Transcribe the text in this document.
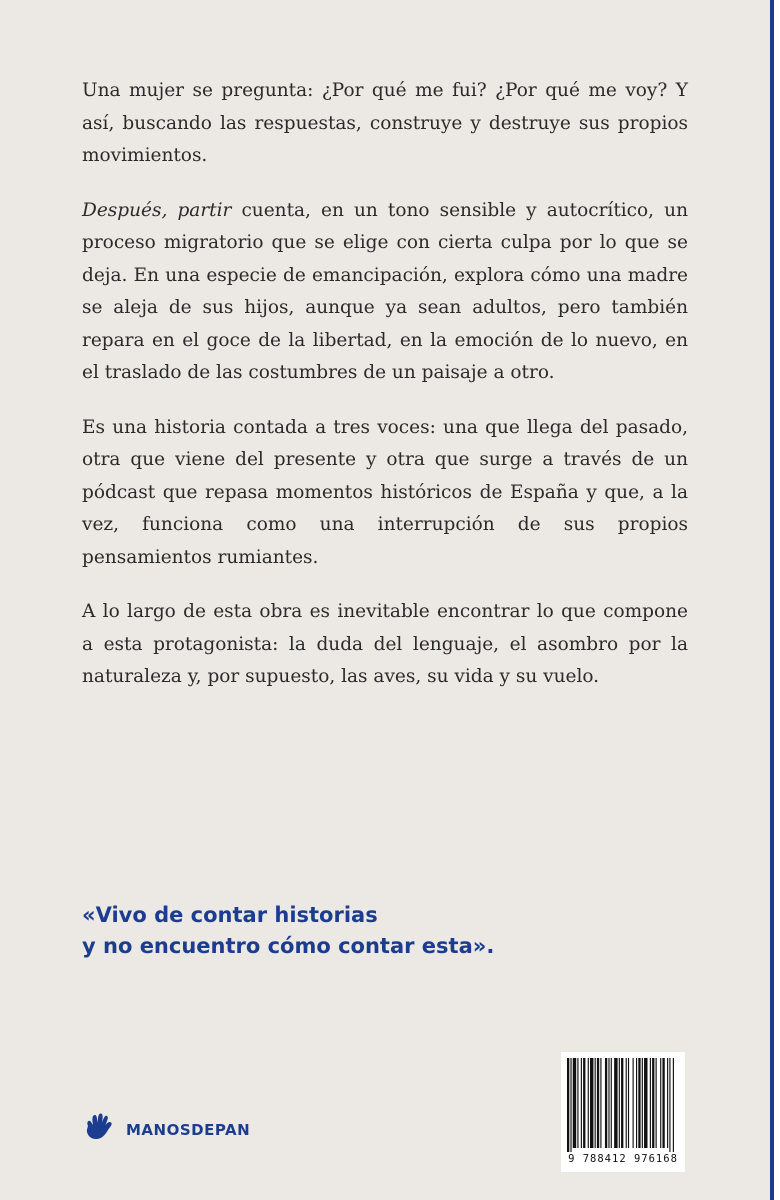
Una mujer se pregunta: ¿Por qué me fui? ¿Por qué me voy? Y así, buscando las respuestas, construye y destruye sus propios movimientos.

Después, partir cuenta, en un tono sensible y autocrítico, un proceso migratorio que se elige con cierta culpa por lo que se deja. En una especie de emancipación, explora cómo una madre se aleja de sus hijos, aunque ya sean adultos, pero también repara en el goce de la libertad, en la emoción de lo nuevo, en el traslado de las costumbres de un paisaje a otro.

Es una historia contada a tres voces: una que llega del pasado, otra que viene del presente y otra que surge a través de un pódcast que repasa momentos históricos de España y que, a la vez, funciona como una interrupción de sus propios pensamientos rumiantes.

A lo largo de esta obra es inevitable encontrar lo que compone a esta protagonista: la duda del lenguaje, el asombro por la naturaleza y, por supuesto, las aves, su vida y su vuelo.

«Vivo de contar historias
y no encuentro cómo contar esta».
MANOSDEPAN
9 788412 976168
